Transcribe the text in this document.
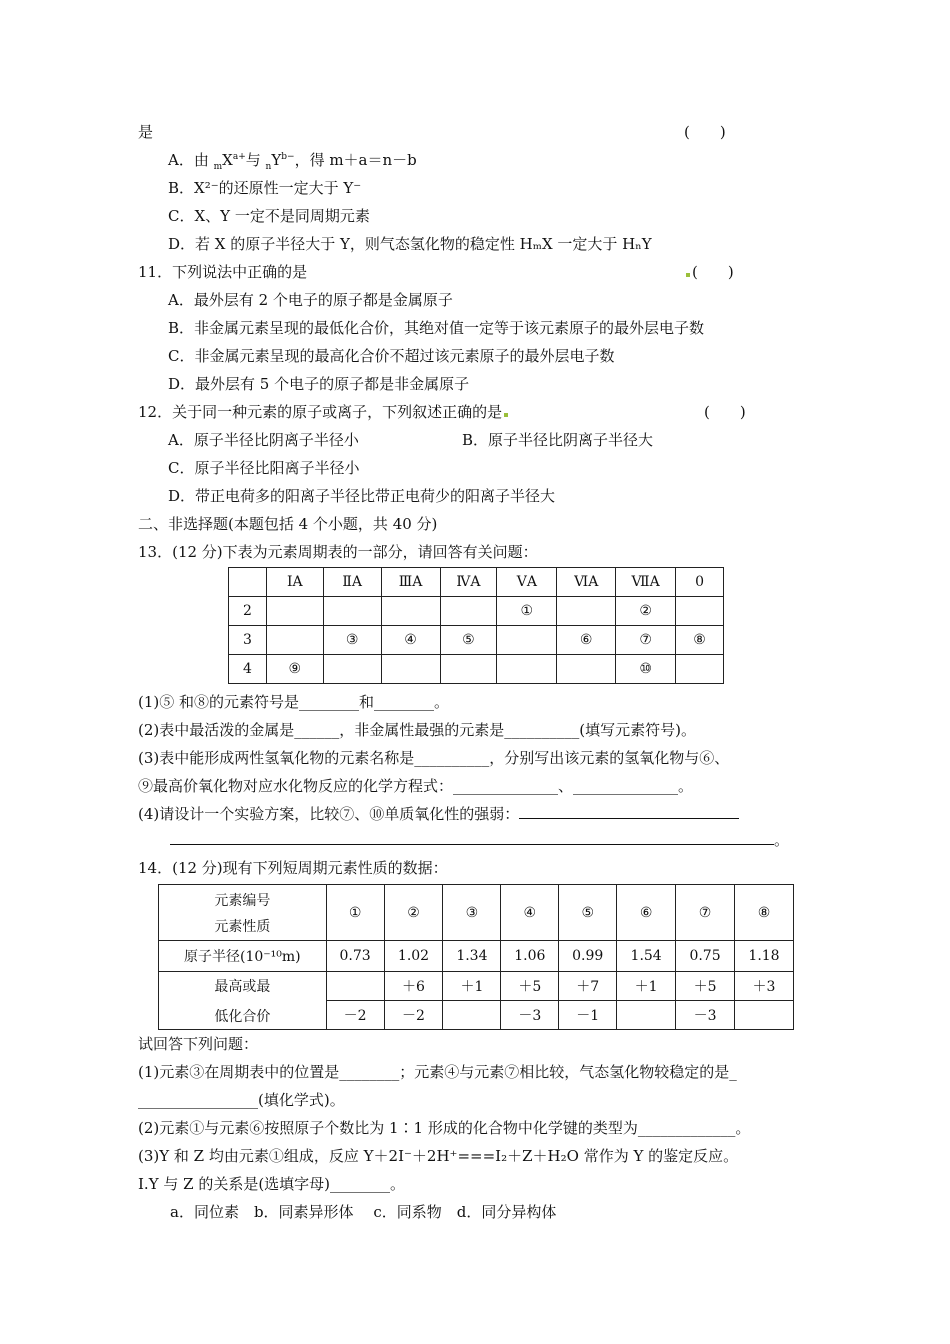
是	(　　)
A．由 $_mX^{a+}$与 $_nY^{b-}$，得 m＋a＝n－b
B．X²⁻的还原性一定大于 Y⁻
C．X、Y 一定不是同周期元素
D．若 X 的原子半径大于 Y，则气态氢化物的稳定性 HₘX 一定大于 HₙY
11．下列说法中正确的是	(　　)
A．最外层有 2 个电子的原子都是金属原子
B．非金属元素呈现的最低化合价，其绝对值一定等于该元素原子的最外层电子数
C．非金属元素呈现的最高化合价不超过该元素原子的最外层电子数
D．最外层有 5 个电子的原子都是非金属原子
12．关于同一种元素的原子或离子，下列叙述正确的是	(　　)
A．原子半径比阴离子半径小	B．原子半径比阴离子半径大
C．原子半径比阳离子半径小
D．带正电荷多的阳离子半径比带正电荷少的阳离子半径大
二、非选择题(本题包括 4 个小题，共 40 分)
13．(12 分)下表为元素周期表的一部分，请回答有关问题：
	ⅠA	ⅡA	ⅢA	ⅣA	ⅤA	ⅥA	ⅦA	0
2					①		②	
3		③	④	⑤		⑥	⑦	⑧
4	⑨						⑩	
(1)⑤ 和⑧的元素符号是________和________。
(2)表中最活泼的金属是______，非金属性最强的元素是__________(填写元素符号)。
(3)表中能形成两性氢氧化物的元素名称是__________，分别写出该元素的氢氧化物与⑥、
⑨最高价氧化物对应水化物反应的化学方程式：______________、______________。
(4)请设计一个实验方案，比较⑦、⑩单质氧化性的强弱：
。
14．(12 分)现有下列短周期元素性质的数据：
元素编号
元素性质	①	②	③	④	⑤	⑥	⑦	⑧
原子半径(10⁻¹⁰m)	0.73	1.02	1.34	1.06	0.99	1.54	0.75	1.18

最高或最
低化合价		＋6	＋1	＋5	＋7	＋1	＋5	＋3
	－2	－2		－3	－1		－3	
试回答下列问题：
(1)元素③在周期表中的位置是________；元素④与元素⑦相比较，气态氢化物较稳定的是_
________________(填化学式)。
(2)元素①与元素⑥按照原子个数比为 1∶1 形成的化合物中化学键的类型为_____________。
(3)Y 和 Z 均由元素①组成，反应 Y＋2I⁻＋2H⁺===I₂＋Z＋H₂O 常作为 Y 的鉴定反应。
Ⅰ.Y 与 Z 的关系是(选填字母)________。
a．同位素　b．同素异形体　 c．同系物　d．同分异构体
